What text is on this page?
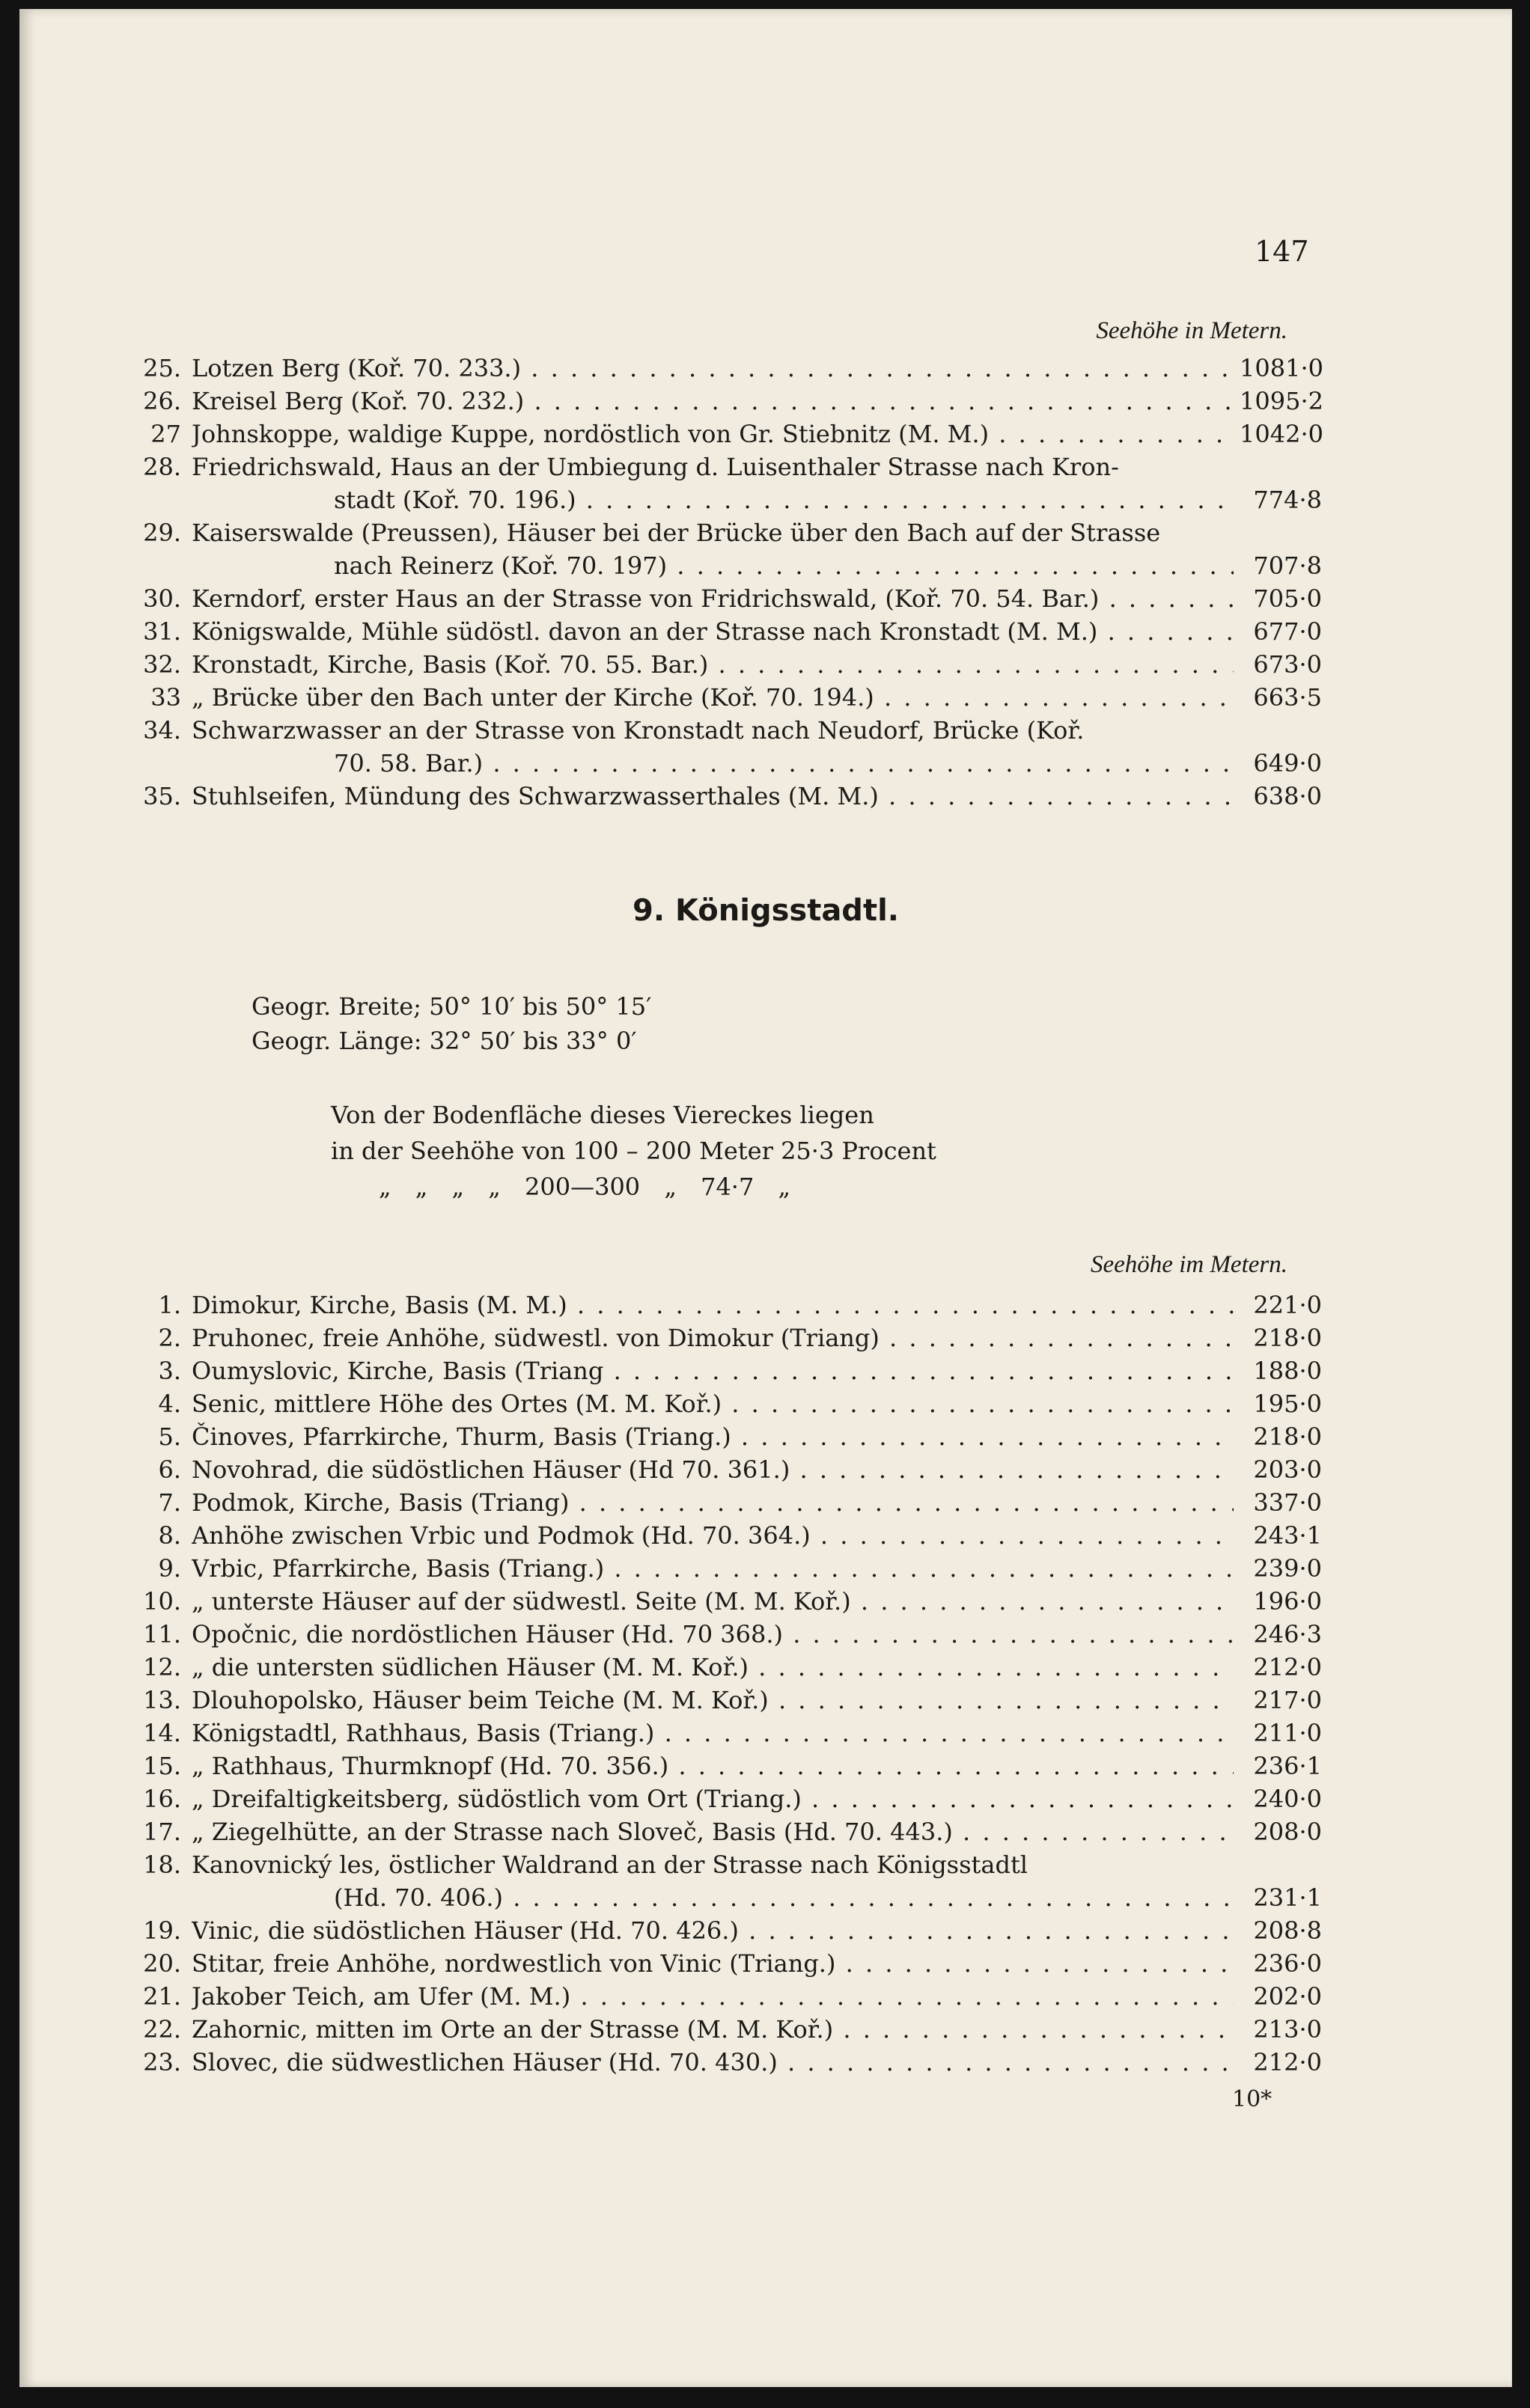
147
Seehöhe in Metern.
25. Lotzen Berg (Koř. 70. 233.) . . .	1081·0
26. Kreisel Berg (Koř. 70. 232.) . . .	1095·2
27 Johnskoppe, waldige Kuppe, nordöstlich von Gr. Stiebnitz (M. M.) . . .	1042·0
28. Friedrichswald, Haus an der Umbiegung d. Luisenthaler Strasse nach Kron-
stadt (Koř. 70. 196.) . . .	774·8
29. Kaiserswalde (Preussen), Häuser bei der Brücke über den Bach auf der Strasse
nach Reinerz (Koř. 70. 197) . . .	707·8
30. Kerndorf, erster Haus an der Strasse von Fridrichswald, (Koř. 70. 54. Bar.) . . .	705·0
31. Königswalde, Mühle südöstl. davon an der Strasse nach Kronstadt (M. M.) . . .	677·0
32. Kronstadt, Kirche, Basis (Koř. 70. 55. Bar.) . . .	673·0
33 „ Brücke über den Bach unter der Kirche (Koř. 70. 194.) . . .	663·5
34. Schwarzwasser an der Strasse von Kronstadt nach Neudorf, Brücke (Koř.
70. 58. Bar.) . . .	649·0
35. Stuhlseifen, Mündung des Schwarzwasserthales (M. M.) . . .	638·0
9. Königsstadtl.
Geogr. Breite; 50° 10′ bis 50° 15′
Geogr. Länge: 32° 50′ bis 33° 0′
Von der Bodenfläche dieses Viereckes liegen
in der Seehöhe von 100 – 200 Meter 25·3 Procent
„ „ „ „ 200—300 „ 74·7 „
Seehöhe im Metern.
1. Dimokur, Kirche, Basis (M. M.) . . .	221·0
2. Pruhonec, freie Anhöhe, südwestl. von Dimokur (Triang) . . .	218·0
3. Oumyslovic, Kirche, Basis (Triang . . .	188·0
4. Senic, mittlere Höhe des Ortes (M. M. Koř.) . . .	195·0
5. Činoves, Pfarrkirche, Thurm, Basis (Triang.) . . .	218·0
6. Novohrad, die südöstlichen Häuser (Hd 70. 361.) . . .	203·0
7. Podmok, Kirche, Basis (Triang) . . .	337·0
8. Anhöhe zwischen Vrbic und Podmok (Hd. 70. 364.) . . .	243·1
9. Vrbic, Pfarrkirche, Basis (Triang.) . . .	239·0
10. „ unterste Häuser auf der südwestl. Seite (M. M. Koř.) . . .	196·0
11. Opočnic, die nordöstlichen Häuser (Hd. 70 368.) . . .	246·3
12. „ die untersten südlichen Häuser (M. M. Koř.) . . .	212·0
13. Dlouhopolsko, Häuser beim Teiche (M. M. Koř.) . . .	217·0
14. Königstadtl, Rathhaus, Basis (Triang.) . . .	211·0
15. „ Rathhaus, Thurmknopf (Hd. 70. 356.) . . .	236·1
16. „ Dreifaltigkeitsberg, südöstlich vom Ort (Triang.) . . .	240·0
17. „ Ziegelhütte, an der Strasse nach Sloveč, Basis (Hd. 70. 443.) . . .	208·0
18. Kanovnický les, östlicher Waldrand an der Strasse nach Königsstadtl
(Hd. 70. 406.) . . .	231·1
19. Vinic, die südöstlichen Häuser (Hd. 70. 426.) . . .	208·8
20. Stitar, freie Anhöhe, nordwestlich von Vinic (Triang.) . . .	236·0
21. Jakober Teich, am Ufer (M. M.) . . .	202·0
22. Zahornic, mitten im Orte an der Strasse (M. M. Koř.) . . .	213·0
23. Slovec, die südwestlichen Häuser (Hd. 70. 430.) . . .	212·0
10*
